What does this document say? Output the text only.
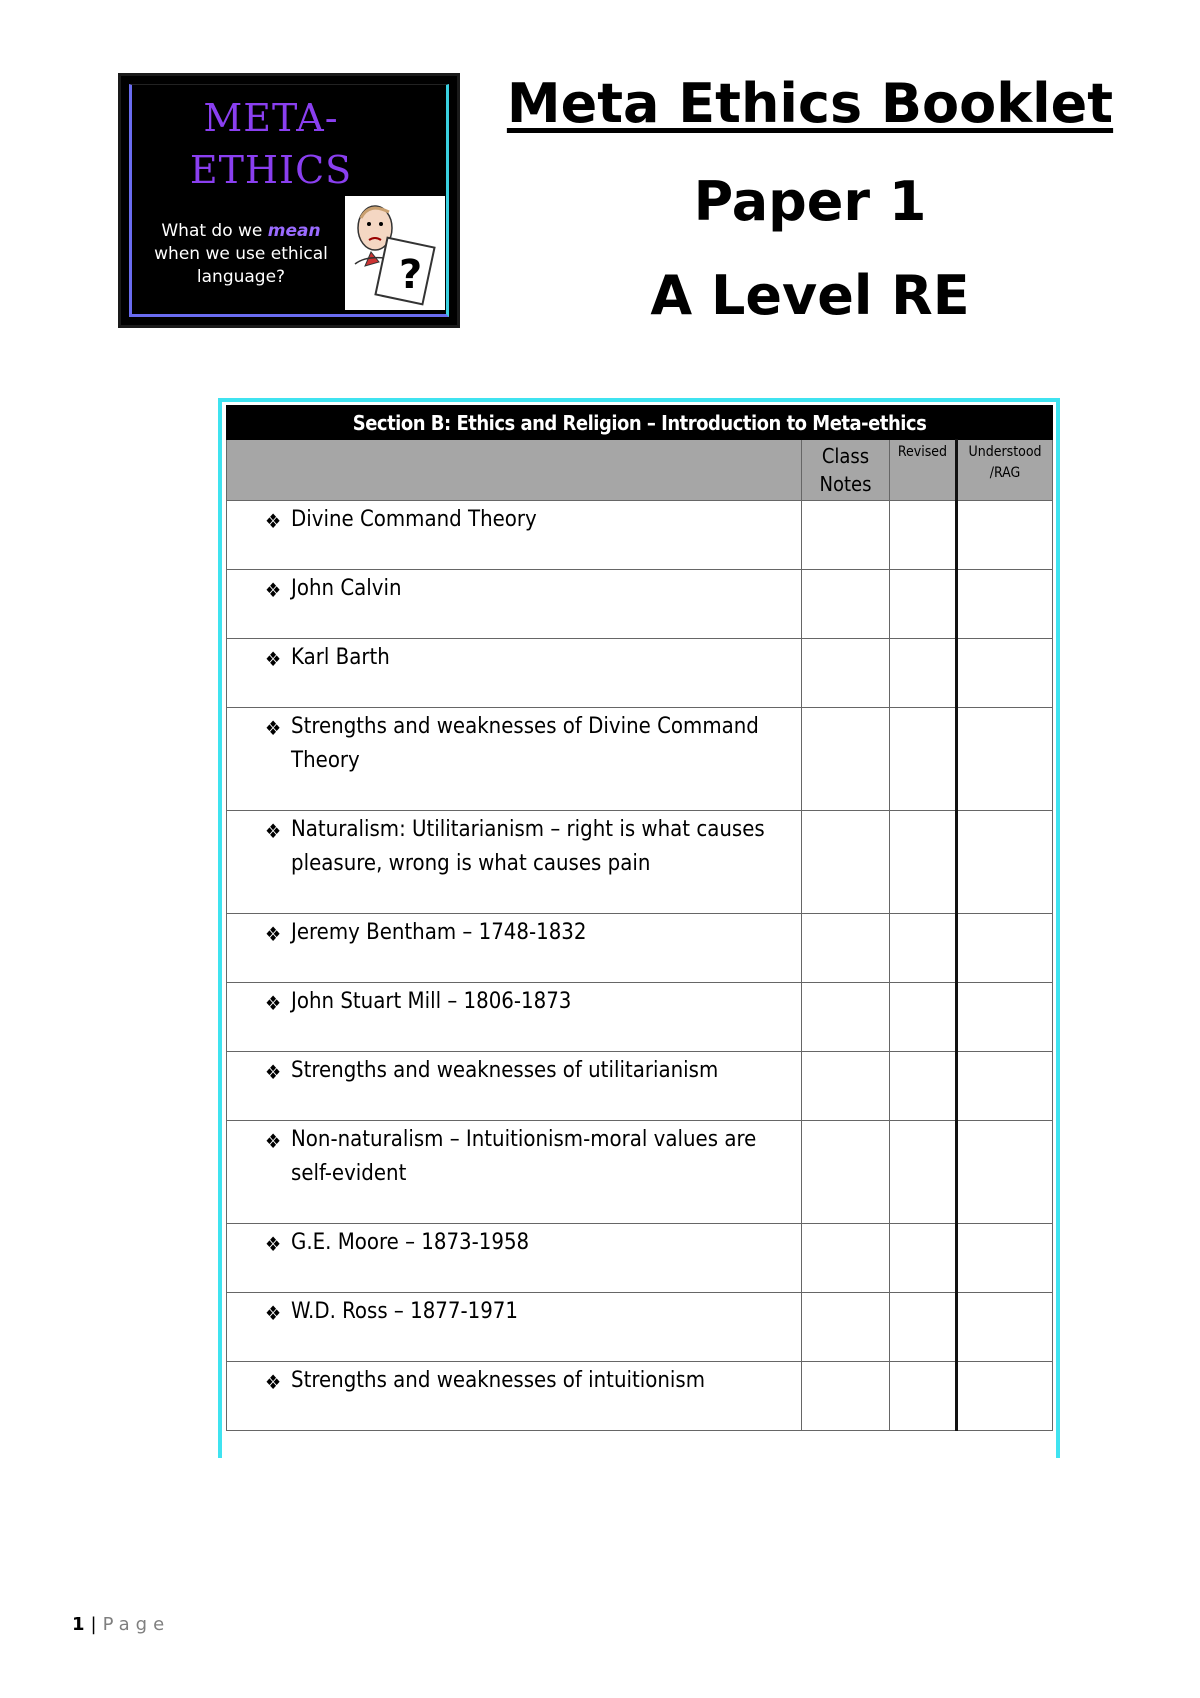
META-
ETHICS
What do we mean when we use ethical language?	?
Meta Ethics Booklet
Paper 1
A Level RE
Section B: Ethics and Religion – Introduction to Meta-ethics			
	Class Notes	Revised	Understood /RAG

❖ Divine Command Theory			

❖ John Calvin			

❖ Karl Barth			

❖ Strengths and weaknesses of Divine Command Theory			

❖ Naturalism: Utilitarianism – right is what causes pleasure, wrong is what causes pain			

❖ Jeremy Bentham – 1748-1832			

❖ John Stuart Mill – 1806-1873			

❖ Strengths and weaknesses of utilitarianism			

❖ Non-naturalism – Intuitionism-moral values are self-evident			

❖ G.E. Moore – 1873-1958			

❖ W.D. Ross – 1877-1971			

❖ Strengths and weaknesses of intuitionism			
1 | Page
